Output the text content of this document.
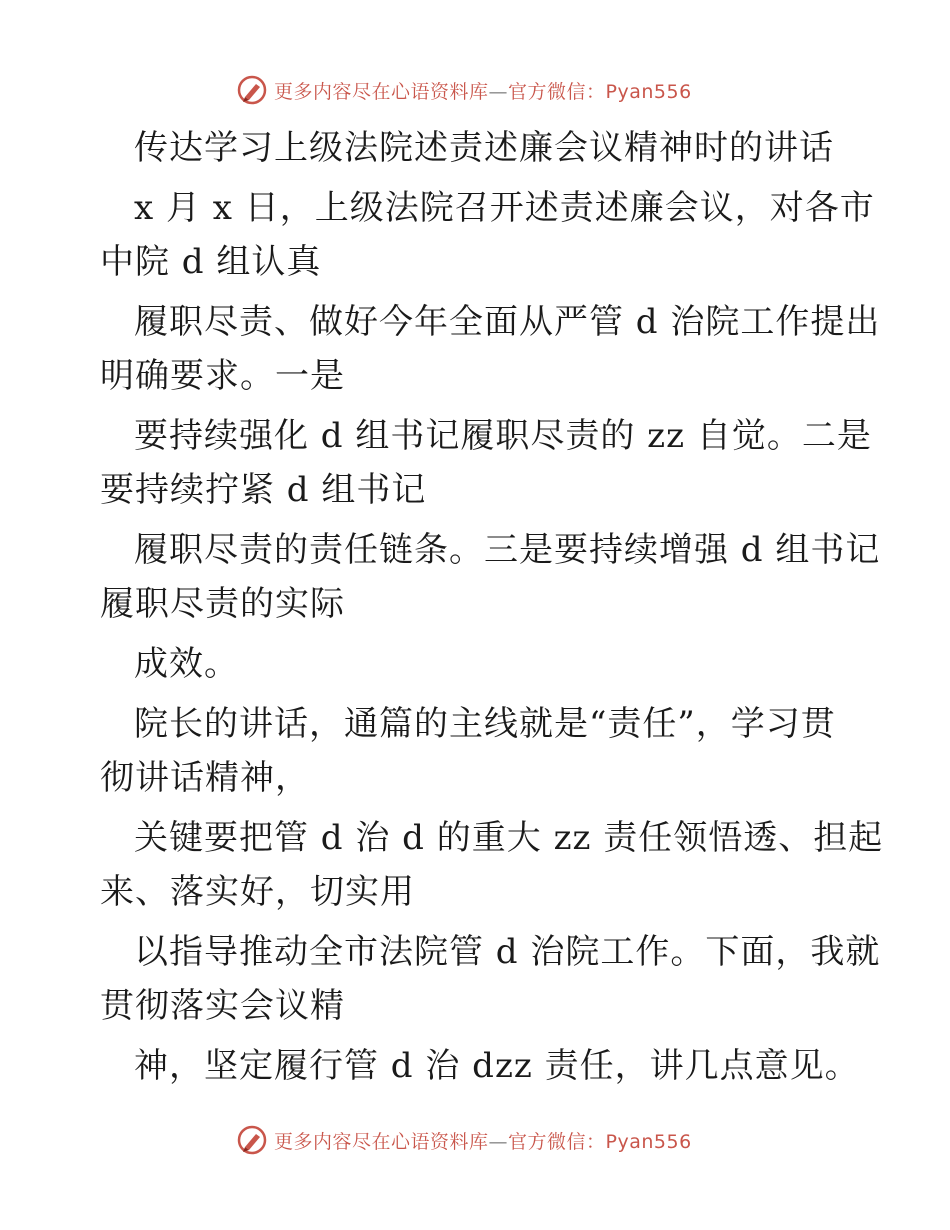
更多内容尽在心语资料库—官方微信：Pyan556
传达学习上级法院述责述廉会议精神时的讲话
x 月 x 日，上级法院召开述责述廉会议，对各市
中院 d 组认真
履职尽责、做好今年全面从严管 d 治院工作提出
明确要求。一是
要持续强化 d 组书记履职尽责的 zz 自觉。二是
要持续拧紧 d 组书记
履职尽责的责任链条。三是要持续增强 d 组书记
履职尽责的实际
成效。
院长的讲话，通篇的主线就是“责任”，学习贯
彻讲话精神，
关键要把管 d 治 d 的重大 zz 责任领悟透、担起
来、落实好，切实用
以指导推动全市法院管 d 治院工作。下面，我就
贯彻落实会议精
神，坚定履行管 d 治 dzz 责任，讲几点意见。
更多内容尽在心语资料库—官方微信：Pyan556
